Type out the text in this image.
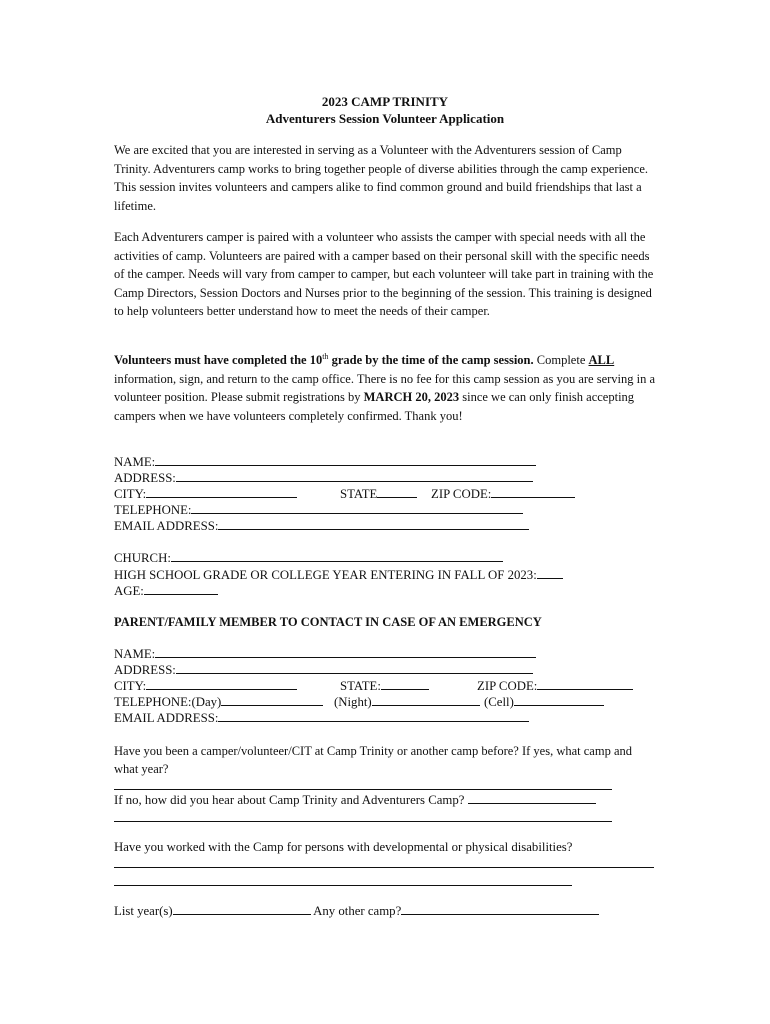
2023 CAMP TRINITY
Adventurers Session Volunteer Application

We are excited that you are interested in serving as a Volunteer with the Adventurers session of Camp Trinity. Adventurers camp works to bring together people of diverse abilities through the camp experience. This session invites volunteers and campers alike to find common ground and build friendships that last a lifetime.

Each Adventurers camper is paired with a volunteer who assists the camper with special needs with all the activities of camp. Volunteers are paired with a camper based on their personal skill with the specific needs of the camper. Needs will vary from camper to camper, but each volunteer will take part in training with the Camp Directors, Session Doctors and Nurses prior to the beginning of the session. This training is designed to help volunteers better understand how to meet the needs of their camper.

Volunteers must have completed the 10th grade by the time of the camp session. Complete ALL information, sign, and return to the camp office. There is no fee for this camp session as you are serving in a volunteer position. Please submit registrations by MARCH 20, 2023 since we can only finish accepting campers when we have volunteers completely confirmed. Thank you!

NAME:
ADDRESS:
CITY:	STATE	ZIP CODE:
TELEPHONE:
EMAIL ADDRESS:
CHURCH:
HIGH SCHOOL GRADE OR COLLEGE YEAR ENTERING IN FALL OF 2023:
AGE:
PARENT/FAMILY MEMBER TO CONTACT IN CASE OF AN EMERGENCY
NAME:
ADDRESS:
CITY:	STATE:	ZIP CODE:
TELEPHONE:(Day)	(Night)	(Cell)
EMAIL ADDRESS:

Have you been a camper/volunteer/CIT at Camp Trinity or another camp before? If yes, what camp and what year?

If no, how did you hear about Camp Trinity and Adventurers Camp?
Have you worked with the Camp for persons with developmental or physical disabilities?
List year(s)	Any other camp?
